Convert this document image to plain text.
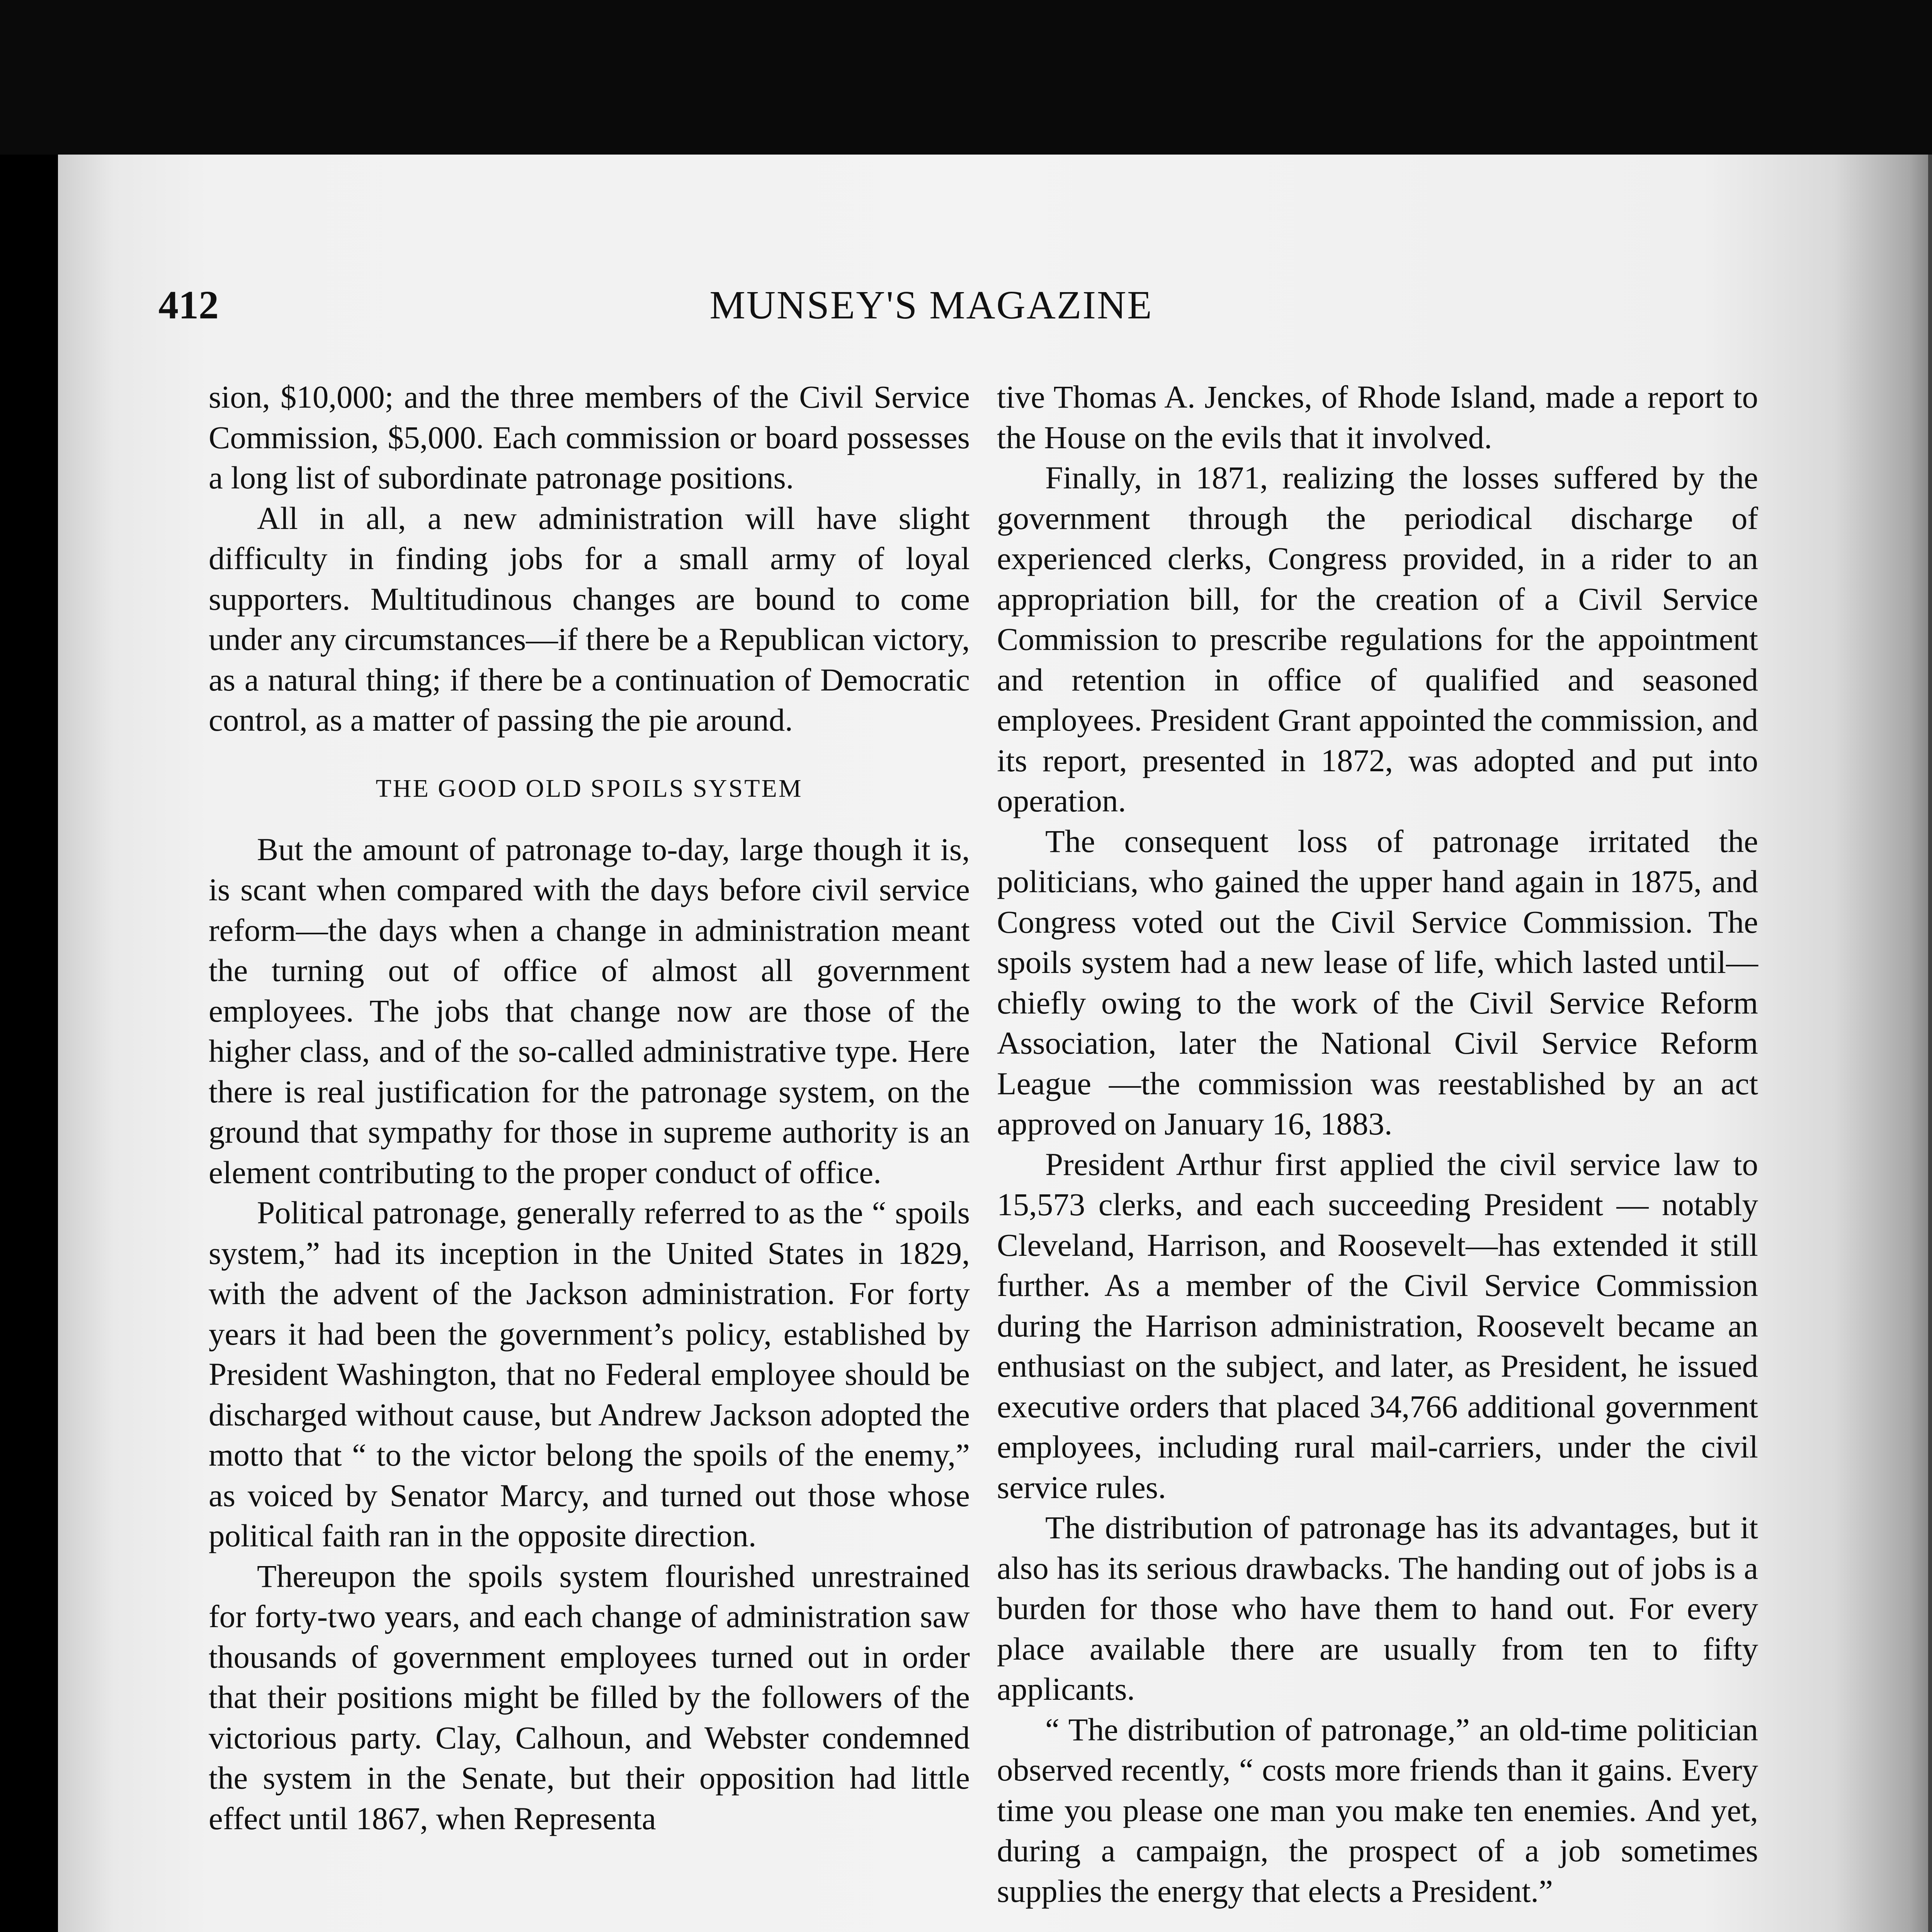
412	MUNSEY'S MAGAZINE

sion, $10,000; and the three members of the Civil Service Commission, $5,000. Each commission or board possesses a long list of subordinate patronage positions.

All in all, a new administration will have slight difficulty in finding jobs for a small army of loyal supporters. Multitudinous changes are bound to come under any circumstances—if there be a Republican victory, as a natural thing; if there be a continuation of Democratic control, as a matter of passing the pie around.

THE GOOD OLD SPOILS SYSTEM

But the amount of patronage to-day, large though it is, is scant when compared with the days before civil service reform—the days when a change in administration meant the turning out of office of almost all government employees. The jobs that change now are those of the higher class, and of the so-called administrative type. Here there is real justification for the patronage system, on the ground that sympathy for those in supreme authority is an element contributing to the proper conduct of office.

Political patronage, generally referred to as the “ spoils system,” had its inception in the United States in 1829, with the advent of the Jackson administration. For forty years it had been the government’s policy, established by President Washington, that no Federal employee should be discharged without cause, but Andrew Jackson adopted the motto that “ to the victor belong the spoils of the enemy,” as voiced by Senator Marcy, and turned out those whose political faith ran in the opposite direction.

Thereupon the spoils system flourished unrestrained for forty-two years, and each change of administration saw thousands of government employees turned out in order that their positions might be filled by the followers of the victorious party. Clay, Calhoun, and Webster condemned the system in the Senate, but their opposition had little effect until 1867, when Representa

tive Thomas A. Jenckes, of Rhode Island, made a report to the House on the evils that it involved.

Finally, in 1871, realizing the losses suffered by the government through the periodical discharge of experienced clerks, Congress provided, in a rider to an appropriation bill, for the creation of a Civil Service Commission to prescribe regulations for the appointment and retention in office of qualified and seasoned employees. President Grant appointed the commission, and its report, presented in 1872, was adopted and put into operation.

The consequent loss of patronage irritated the politicians, who gained the upper hand again in 1875, and Congress voted out the Civil Service Commission. The spoils system had a new lease of life, which lasted until—chiefly owing to the work of the Civil Service Reform Association, later the National Civil Service Reform League —the commission was reestablished by an act approved on January 16, 1883.

President Arthur first applied the civil service law to 15,573 clerks, and each succeeding President — notably Cleveland, Harrison, and Roosevelt—has extended it still further. As a member of the Civil Service Commission during the Harrison administration, Roosevelt became an enthusiast on the subject, and later, as President, he issued executive orders that placed 34,766 additional government employees, including rural mail-carriers, under the civil service rules.

The distribution of patronage has its advantages, but it also has its serious drawbacks. The handing out of jobs is a burden for those who have them to hand out. For every place available there are usually from ten to fifty applicants.

“ The distribution of patronage,” an old-time politician observed recently, “ costs more friends than it gains. Every time you please one man you make ten enemies. And yet, during a campaign, the prospect of a job sometimes supplies the energy that elects a President.”
